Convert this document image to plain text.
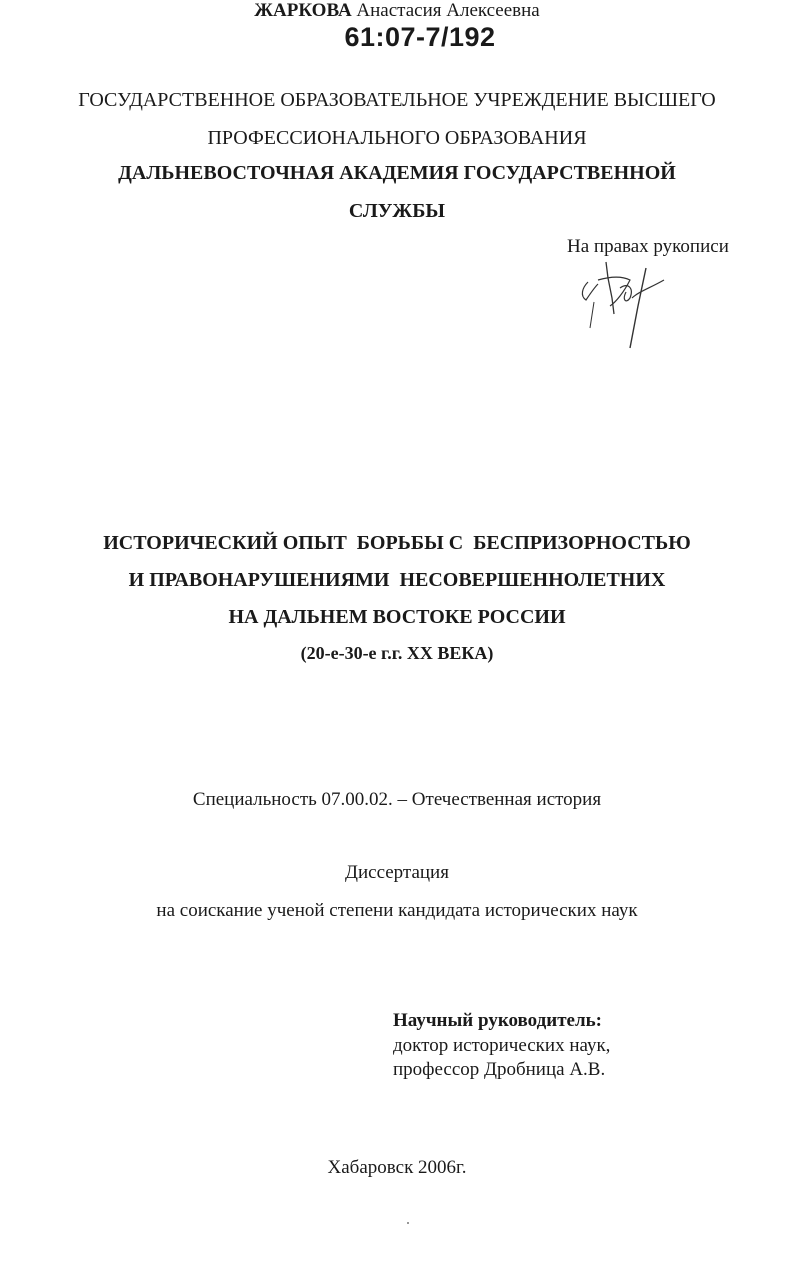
61:07-7/192
ГОСУДАРСТВЕННОЕ ОБРАЗОВАТЕЛЬНОЕ УЧРЕЖДЕНИЕ ВЫСШЕГО
ПРОФЕССИОНАЛЬНОГО ОБРАЗОВАНИЯ
ДАЛЬНЕВОСТОЧНАЯ АКАДЕМИЯ ГОСУДАРСТВЕННОЙ
СЛУЖБЫ
На правах рукописи
ЖАРКОВА Анастасия Алексеевна
ИСТОРИЧЕСКИЙ ОПЫТ  БОРЬБЫ С  БЕСПРИЗОРНОСТЬЮ
И ПРАВОНАРУШЕНИЯМИ  НЕСОВЕРШЕННОЛЕТНИХ
НА ДАЛЬНЕМ ВОСТОКЕ РОССИИ
(20-е-30-е г.г. XX ВЕКА)
Специальность 07.00.02. – Отечественная история
Диссертация
на соискание ученой степени кандидата исторических наук
Научный руководитель:
доктор исторических наук,
профессор Дробница А.В.
Хабаровск 2006г.
